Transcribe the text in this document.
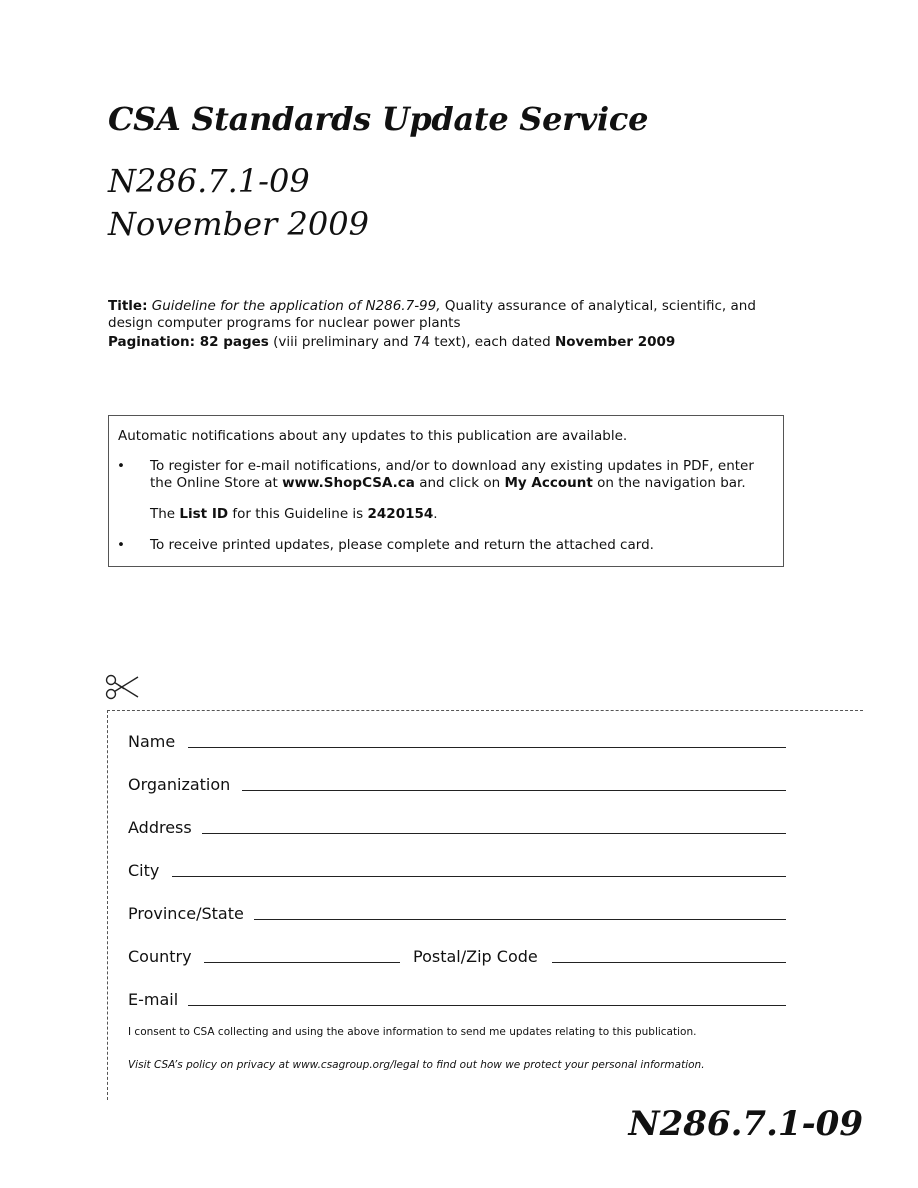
CSA Standards Update Service
N286.7.1-09
November 2009
Title: Guideline for the application of N286.7-99, Quality assurance of analytical, scientific, and design computer programs for nuclear power plants
Pagination: 82 pages (viii preliminary and 74 text), each dated November 2009
Automatic notifications about any updates to this publication are available.
• To register for e-mail notifications, and/or to download any existing updates in PDF, enter the Online Store at www.ShopCSA.ca and click on My Account on the navigation bar.
The List ID for this Guideline is 2420154.
• To receive printed updates, please complete and return the attached card.
Name
Organization
Address
City
Province/State
Country	Postal/Zip Code
E-mail
I consent to CSA collecting and using the above information to send me updates relating to this publication.
Visit CSA’s policy on privacy at www.csagroup.org/legal to find out how we protect your personal information.
N286.7.1-09
